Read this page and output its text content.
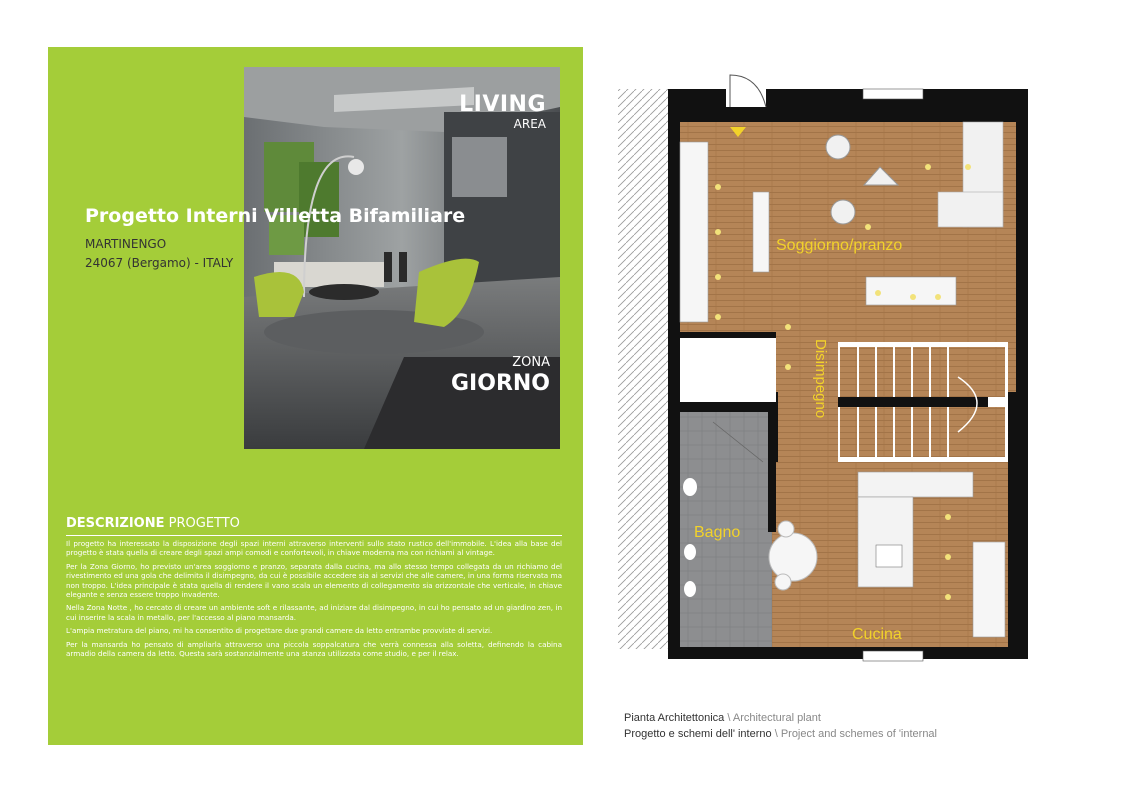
LIVING
AREA
ZONA
GIORNO
Progetto Interni Villetta Bifamiliare
MARTINENGO
24067 (Bergamo) - ITALY
DESCRIZIONE PROGETTO

Il progetto ha interessato la disposizione degli spazi interni attraverso interventi sullo stato rustico dell'immobile. L'idea alla base del progetto è stata quella di creare degli spazi ampi comodi e confortevoli, in chiave moderna ma con richiami al vintage.

Per la Zona Giorno, ho previsto un'area soggiorno e pranzo, separata dalla cucina, ma allo stesso tempo collegata da un richiamo del rivestimento ed una gola che delimita il disimpegno, da cui è possibile accedere sia ai servizi che alle camere, in una forma riservata ma non troppo. L'idea principale è stata quella di rendere il vano scala un elemento di collegamento sia orizzontale che verticale, in chiave elegante e senza essere troppo invadente.

Nella Zona Notte , ho cercato di creare un ambiente soft e rilassante, ad iniziare dal disimpegno, in cui ho pensato ad un giardino zen, in cui inserire la scala in metallo, per l'accesso al piano mansarda.

L'ampia metratura del piano, mi ha consentito di progettare due grandi camere da letto entrambe provviste di servizi.

Per la mansarda ho pensato di ampliarla attraverso una piccola soppalcatura che verrà connessa alla soletta, definendo la cabina armadio della camera da letto. Questa sarà sostanzialmente una stanza utilizzata come studio, e per il relax.

Soggiorno/pranzo
Disimpegno
Bagno
Cucina
Pianta Architettonica \ Architectural plant
Progetto e schemi dell' interno \ Project and schemes of 'internal
